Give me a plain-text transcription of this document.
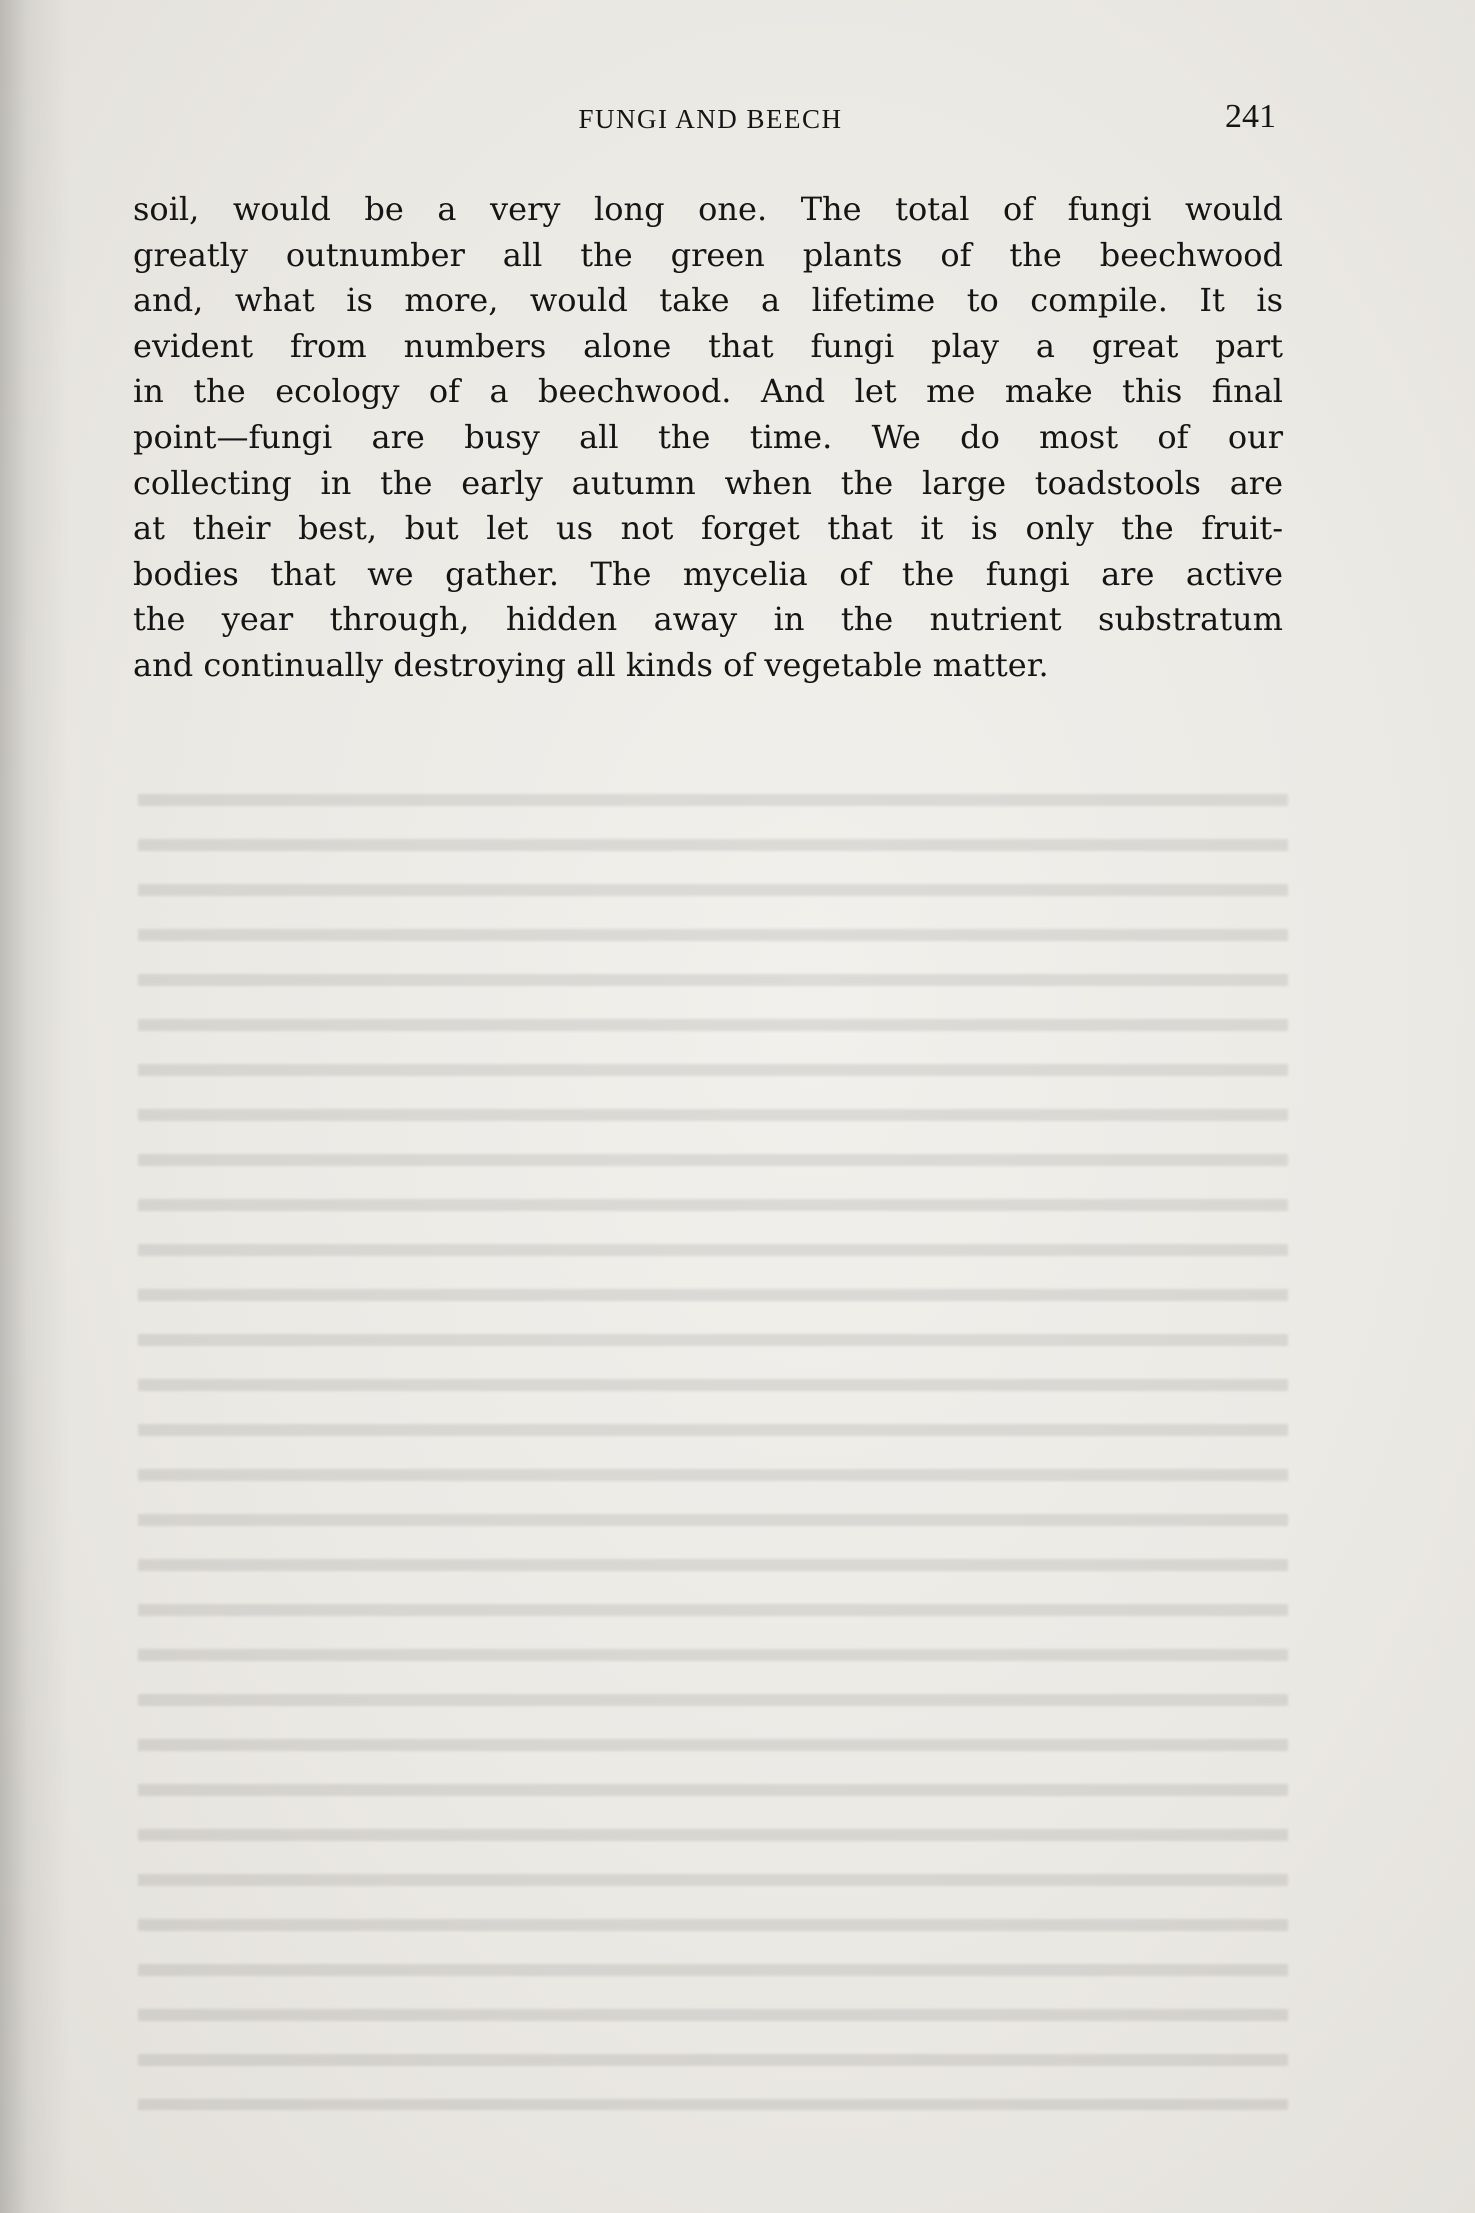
FUNGI AND BEECH	241
soil, would be a very long one. The total of fungi would
greatly outnumber all the green plants of the beechwood
and, what is more, would take a lifetime to compile. It is
evident from numbers alone that fungi play a great part
in the ecology of a beechwood. And let me make this final
point—fungi are busy all the time. We do most of our
collecting in the early autumn when the large toadstools are
at their best, but let us not forget that it is only the fruit-
bodies that we gather. The mycelia of the fungi are active
the year through, hidden away in the nutrient substratum
and continually destroying all kinds of vegetable matter.
